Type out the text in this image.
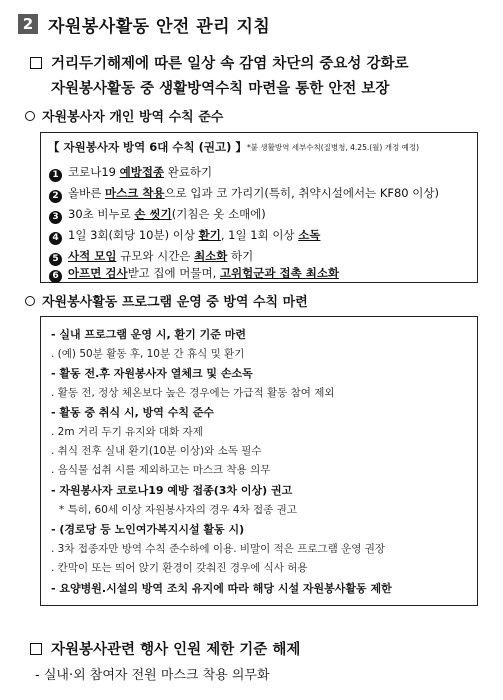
2 자원봉사활동 안전 관리 지침
거리두기해제에 따른 일상 속 감염 차단의 중요성 강화로
자원봉사활동 중 생활방역수칙 마련을 통한 안전 보장
자원봉사자 개인 방역 수칙 준수
【 자원봉사자 방역 6대 수칙 (권고) 】 *붙 생활방역 세부수칙(질병청, 4.25.(월) 개정 예정)
1 코로나19 예방접종 완료하기
2 올바른 마스크 착용으로 입과 코 가리기(특히, 취약시설에서는 KF80 이상)
3 30초 비누로 손 씻기(기침은 옷 소매에)
4 1일 3회(회당 10분) 이상 환기, 1일 1회 이상 소독
5 사적 모임 규모와 시간은 최소화 하기
6 아프면 검사받고 집에 머물며, 고위험군과 접촉 최소화
자원봉사활동 프로그램 운영 중 방역 수칙 마련
- 실내 프로그램 운영 시, 환기 기준 마련
. (예) 50분 활동 후, 10분 간 휴식 및 환기
- 활동 전.후 자원봉사자 열체크 및 손소독
. 활동 전, 정상 체온보다 높은 경우에는 가급적 활동 참여 제외
- 활동 중 취식 시, 방역 수칙 준수
. 2m 거리 두기 유지와 대화 자제
. 취식 전후 실내 환기(10분 이상)와 소독 필수
. 음식물 섭취 시를 제외하고는 마스크 착용 의무
- 자원봉사자 코로나19 예방 접종(3차 이상) 권고
* 특히, 60세 이상 자원봉사자의 경우 4차 접종 권고
- (경로당 등 노인여가복지시설 활동 시)
. 3차 접종자만 방역 수칙 준수하에 이용. 비말이 적은 프로그램 운영 권장
. 칸막이 또는 띄어 앉기 환경이 갖춰진 경우에 식사 허용
- 요양병원.시설의 방역 조치 유지에 따라 해당 시설 자원봉사활동 제한
자원봉사관련 행사 인원 제한 기준 해제
- 실내·외 참여자 전원 마스크 착용 의무화
